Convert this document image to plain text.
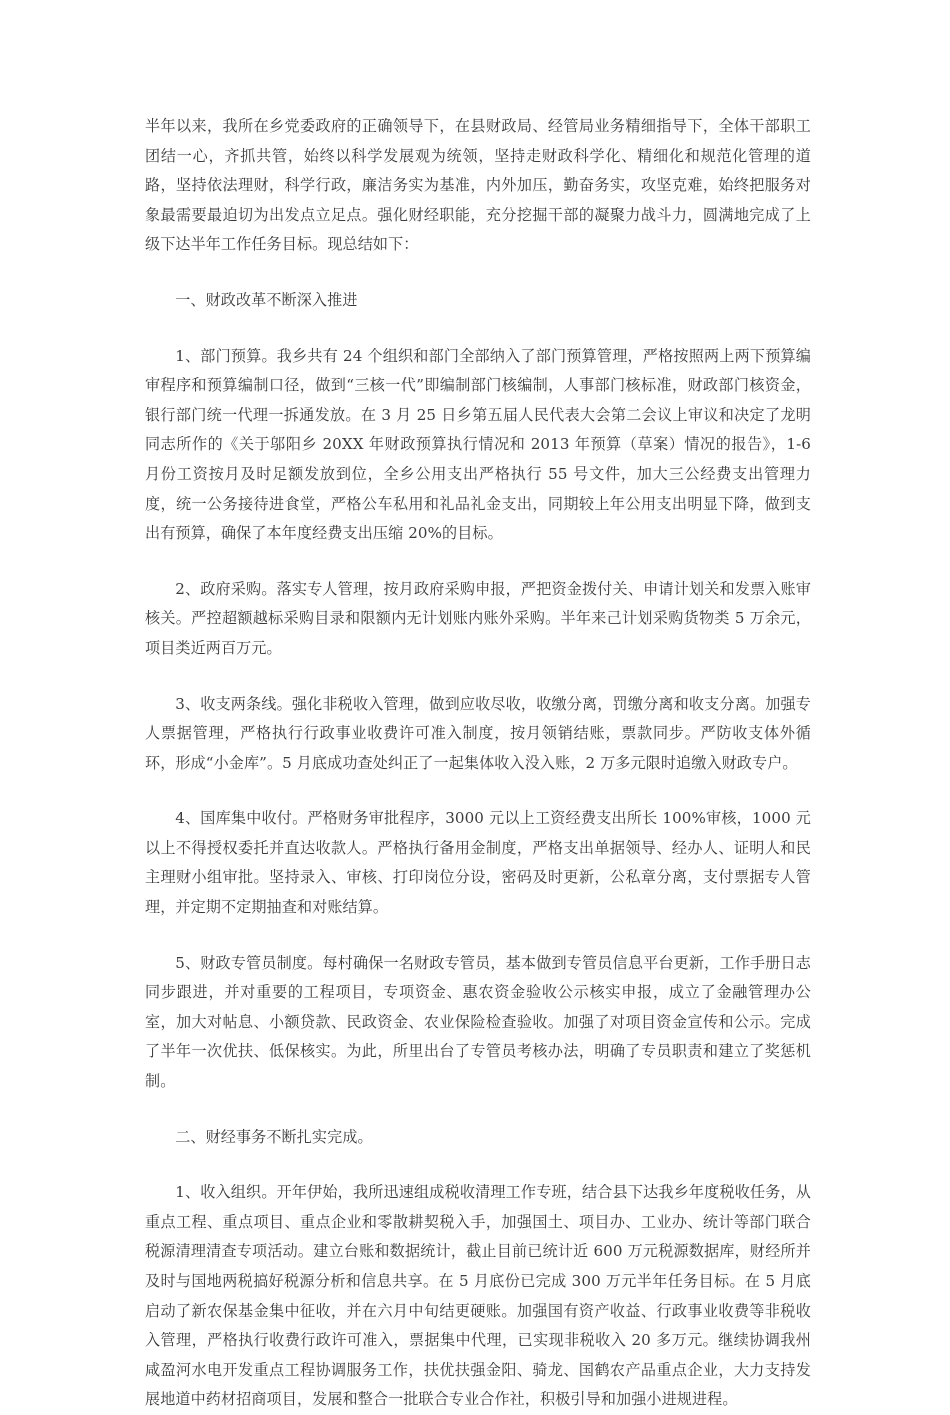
半年以来，我所在乡党委政府的正确领导下，在县财政局、经管局业务精细指导下，全体干部职工团结一心，齐抓共管，始终以科学发展观为统领，坚持走财政科学化、精细化和规范化管理的道路，坚持依法理财，科学行政，廉洁务实为基准，内外加压，勤奋务实，攻坚克难，始终把服务对象最需要最迫切为出发点立足点。强化财经职能，充分挖掘干部的凝聚力战斗力，圆满地完成了上级下达半年工作任务目标。现总结如下：

一、财政改革不断深入推进

1、部门预算。我乡共有 24 个组织和部门全部纳入了部门预算管理，严格按照两上两下预算编审程序和预算编制口径，做到“三核一代”即编制部门核编制，人事部门核标准，财政部门核资金，银行部门统一代理一拆通发放。在 3 月 25 日乡第五届人民代表大会第二会议上审议和决定了龙明同志所作的《关于邬阳乡 20XX 年财政预算执行情况和 2013 年预算（草案）情况的报告》，1-6 月份工资按月及时足额发放到位，全乡公用支出严格执行 55 号文件，加大三公经费支出管理力度，统一公务接待进食堂，严格公车私用和礼品礼金支出，同期较上年公用支出明显下降，做到支出有预算，确保了本年度经费支出压缩 20%的目标。

2、政府采购。落实专人管理，按月政府采购申报，严把资金拨付关、申请计划关和发票入账审核关。严控超额越标采购目录和限额内无计划账内账外采购。半年来己计划采购货物类 5 万余元，项目类近两百万元。

3、收支两条线。强化非税收入管理，做到应收尽收，收缴分离，罚缴分离和收支分离。加强专人票据管理，严格执行行政事业收费许可准入制度，按月领销结账，票款同步。严防收支体外循环，形成“小金库”。5 月底成功查处纠正了一起集体收入没入账，2 万多元限时追缴入财政专户。

4、国库集中收付。严格财务审批程序，3000 元以上工资经费支出所长 100%审核，1000 元以上不得授权委托并直达收款人。严格执行备用金制度，严格支出单据领导、经办人、证明人和民主理财小组审批。坚持录入、审核、打印岗位分设，密码及时更新，公私章分离，支付票据专人管理，并定期不定期抽查和对账结算。

5、财政专管员制度。每村确保一名财政专管员，基本做到专管员信息平台更新，工作手册日志同步跟进，并对重要的工程项目，专项资金、惠农资金验收公示核实申报，成立了金融管理办公室，加大对帖息、小额贷款、民政资金、农业保险检查验收。加强了对项目资金宣传和公示。完成了半年一次优扶、低保核实。为此，所里出台了专管员考核办法，明确了专员职责和建立了奖惩机制。

二、财经事务不断扎实完成。

1、收入组织。开年伊始，我所迅速组成税收清理工作专班，结合县下达我乡年度税收任务，从重点工程、重点项目、重点企业和零散耕契税入手，加强国土、项目办、工业办、统计等部门联合税源清理清查专项活动。建立台账和数据统计，截止目前已统计近 600 万元税源数据库，财经所并及时与国地两税搞好税源分析和信息共享。在 5 月底份已完成 300 万元半年任务目标。在 5 月底启动了新农保基金集中征收，并在六月中旬结更硬账。加强国有资产收益、行政事业收费等非税收入管理，严格执行收费行政许可准入，票据集中代理，已实现非税收入 20 多万元。继续协调我州咸盈河水电开发重点工程协调服务工作，扶优扶强金阳、骑龙、国鹤农产品重点企业，大力支持发展地道中药材招商项目，发展和整合一批联合专业合作社，积极引导和加强小进规进程。
